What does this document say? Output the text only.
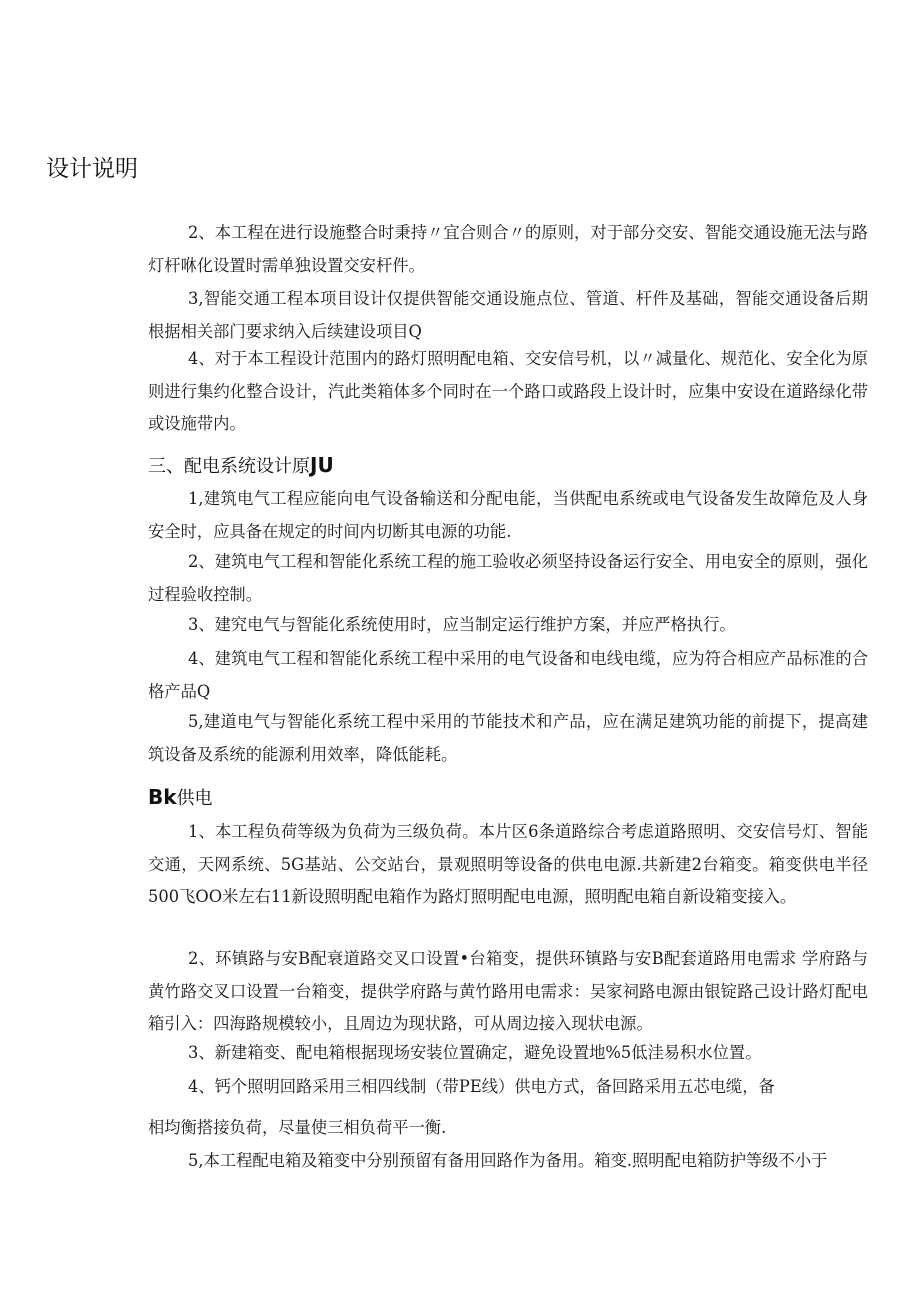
设计说明

2、本工程在进行设施整合时秉持〃宜合则合〃的原则，对于部分交安、智能交通设施无法与路灯杆咻化设置时需单独设置交安杆件。

3,智能交通工程本项目设计仅提供智能交通设施点位、管道、杆件及基础，智能交通设备后期根据相关部门要求纳入后续建设项目Q

4、对于本工程设计范围内的路灯照明配电箱、交安信号机，以〃减量化、规范化、安全化为原则进行集约化整合设计，汽此类箱体多个同时在一个路口或路段上设计时，应集中安设在道路绿化带或设施带内。

三、配电系统设计原JU

1,建筑电气工程应能向电气设备输送和分配电能，当供配电系统或电气设备发生故障危及人身安全时，应具备在规定的时间内切断其电源的功能.

2、建筑电气工程和智能化系统工程的施工验收必须坚持设备运行安全、用电安全的原则，强化过程验收控制。

3、建究电气与智能化系统使用时，应当制定运行维护方案，并应严格执行。

4、建筑电气工程和智能化系统工程中采用的电气设备和电线电缆，应为符合相应产品标准的合格产品Q

5,建道电气与智能化系统工程中采用的节能技术和产品，应在满足建筑功能的前提下，提高建筑设备及系统的能源利用效率，降低能耗。

Bk供电

1、本工程负荷等级为负荷为三级负荷。本片区6条道路综合考虑道路照明、交安信号灯、智能交通，天网系统、5G基站、公交站台，景观照明等设备的供电电源.共新建2台箱变。箱变供电半径500飞OO米左右11新设照明配电箱作为路灯照明配电电源，照明配电箱自新设箱变接入。

2、环镇路与安B配衰道路交叉口设置•台箱变，提供环镇路与安B配套道路用电需求 学府路与黄竹路交叉口设置一台箱变，提供学府路与黄竹路用电需求：吴家祠路电源由银锭路己设计路灯配电箱引入：四海路规模较小，且周边为现状路，可从周边接入现状电源。

3、新建箱变、配电箱根据现场安装位置确定，避免设置地%5低洼易积水位置。

4、钙个照明回路采用三相四线制（带PE线）供电方式，备回路采用五芯电缆，备

相均衡搭接负荷，尽量使三相负荷平一衡.

5,本工程配电箱及箱变中分别预留有备用回路作为备用。箱变.照明配电箱防护等级不小于
